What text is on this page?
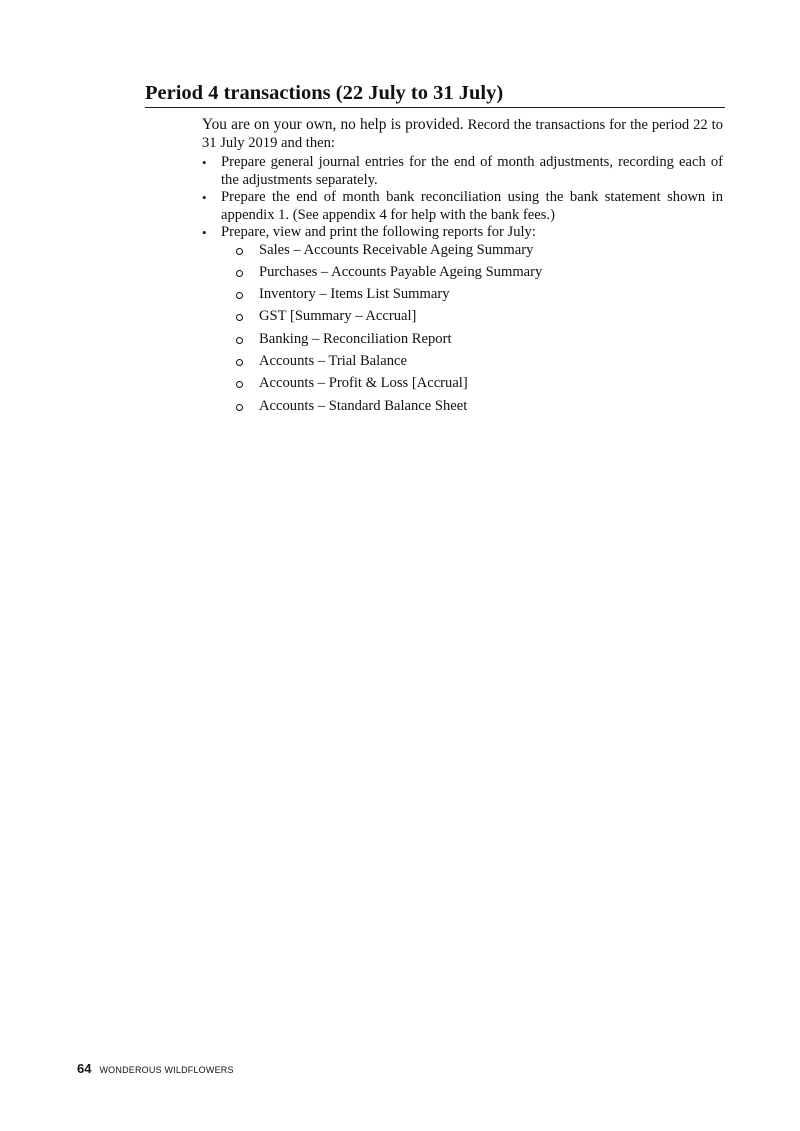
Period 4 transactions (22 July to 31 July)

You are on your own, no help is provided. Record the transactions for the period 22 to 31 July 2019 and then:

• Prepare general journal entries for the end of month adjustments, recording each of the adjustments separately.
• Prepare the end of month bank reconciliation using the bank statement shown in appendix 1. (See appendix 4 for help with the bank fees.)
• Prepare, view and print the following reports for July:
Sales – Accounts Receivable Ageing Summary
Purchases – Accounts Payable Ageing Summary
Inventory – Items List Summary
GST [Summary – Accrual]
Banking – Reconciliation Report
Accounts – Trial Balance
Accounts – Profit & Loss [Accrual]
Accounts – Standard Balance Sheet
64 WONDEROUS WILDFLOWERS
